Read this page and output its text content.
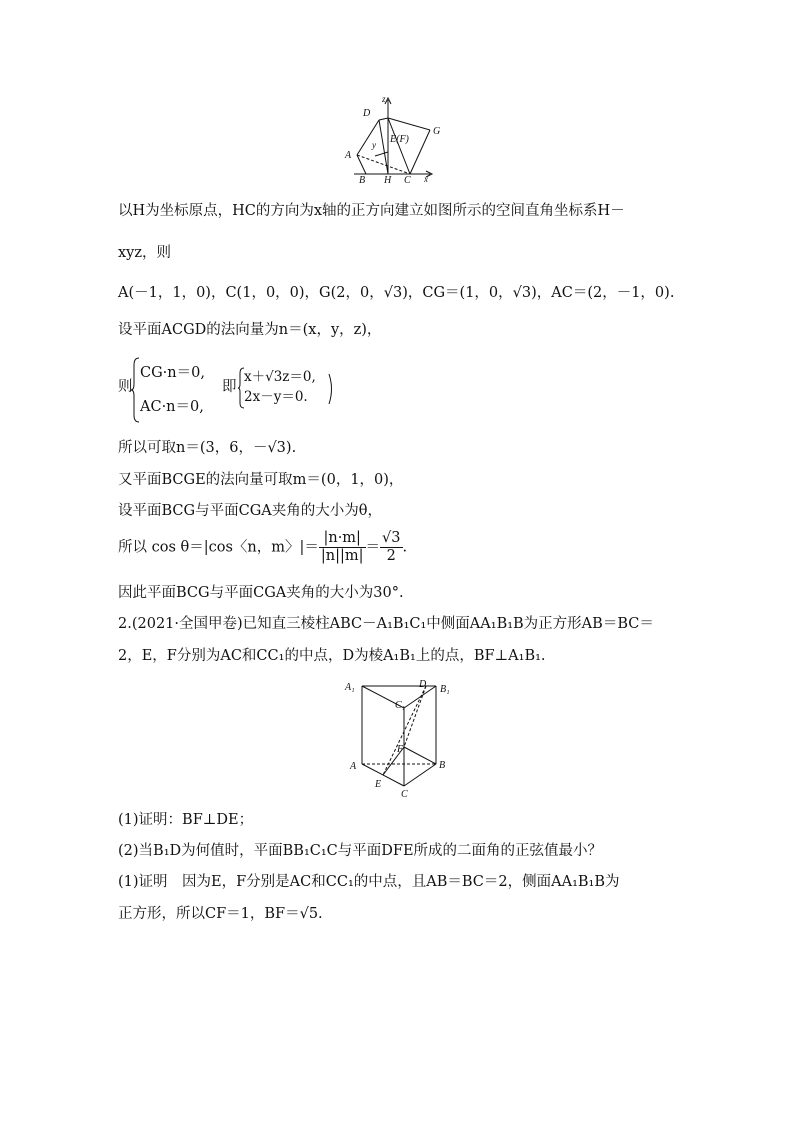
z
D
y E(F)
G
A
B H C x
以H为坐标原点，HC的方向为x轴的正方向建立如图所示的空间直角坐标系H－
xyz，则
A(－1，1，0)，C(1，0，0)，G(2，0，√3)，CG＝(1，0，√3)，AC＝(2，－1，0).
设平面ACGD的法向量为n＝(x，y，z)，
则
CG·n＝0,
AC·n＝0,
即
x＋√3z＝0,
2x－y＝0.
所以可取n＝(3，6，－√3).
又平面BCGE的法向量可取m＝(0，1，0)，
设平面BCG与平面CGA夹角的大小为θ，
所以 cos θ＝|cos〈n，m〉|＝ $\frac{|n\cdot m|}{|n||m|} = \frac{√3}{2}$ .
因此平面BCG与平面CGA夹角的大小为30°.
2.(2021·全国甲卷)已知直三棱柱ABC－A₁B₁C₁中侧面AA₁B₁B为正方形AB＝BC＝
2，E，F分别为AC和CC₁的中点，D为棱A₁B₁上的点，BF⊥A₁B₁.
A₁	D B₁
C₁
F
A	B
E
C
(1)证明：BF⊥DE；
(2)当B₁D为何值时，平面BB₁C₁C与平面DFE所成的二面角的正弦值最小？
(1)证明　因为E，F分别是AC和CC₁的中点，且AB＝BC＝2，侧面AA₁B₁B为
正方形，所以CF＝1，BF＝√5.
